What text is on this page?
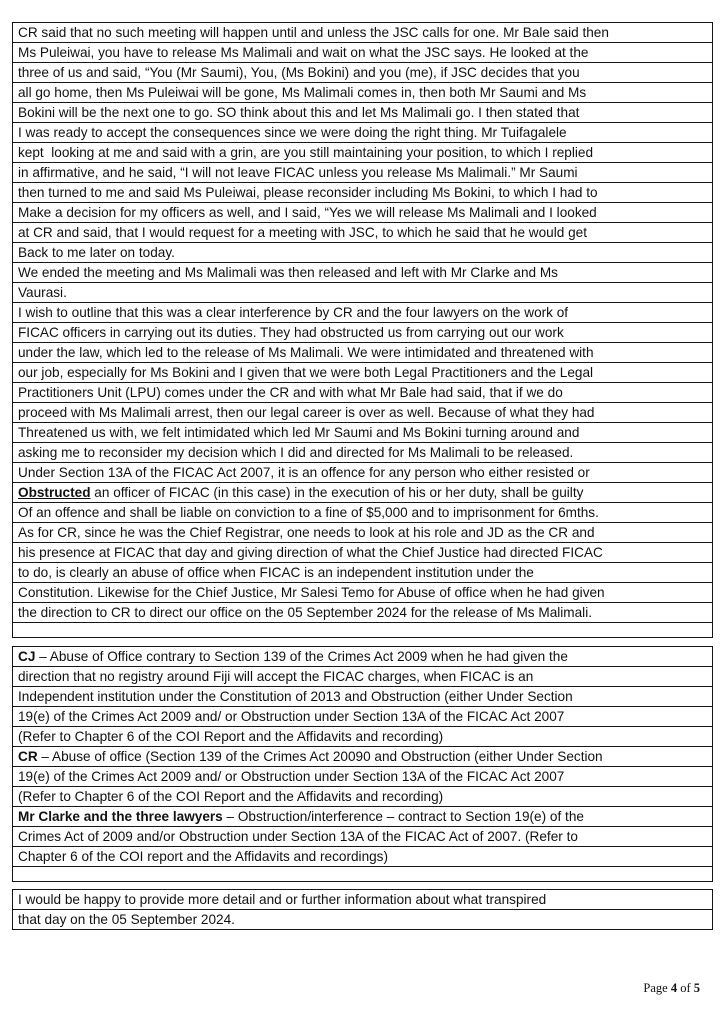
CR said that no such meeting will happen until and unless the JSC calls for one. Mr Bale said then
Ms Puleiwai, you have to release Ms Malimali and wait on what the JSC says. He looked at the
three of us and said, “You (Mr Saumi), You, (Ms Bokini) and you (me), if JSC decides that you
all go home, then Ms Puleiwai will be gone, Ms Malimali comes in, then both Mr Saumi and Ms
Bokini will be the next one to go. SO think about this and let Ms Malimali go. I then stated that
I was ready to accept the consequences since we were doing the right thing. Mr Tuifagalele
kept  looking at me and said with a grin, are you still maintaining your position, to which I replied
in affirmative, and he said, “I will not leave FICAC unless you release Ms Malimali.” Mr Saumi
then turned to me and said Ms Puleiwai, please reconsider including Ms Bokini, to which I had to
Make a decision for my officers as well, and I said, “Yes we will release Ms Malimali and I looked
at CR and said, that I would request for a meeting with JSC, to which he said that he would get
Back to me later on today.
We ended the meeting and Ms Malimali was then released and left with Mr Clarke and Ms
Vaurasi.
I wish to outline that this was a clear interference by CR and the four lawyers on the work of
FICAC officers in carrying out its duties. They had obstructed us from carrying out our work
under the law, which led to the release of Ms Malimali. We were intimidated and threatened with
our job, especially for Ms Bokini and I given that we were both Legal Practitioners and the Legal
Practitioners Unit (LPU) comes under the CR and with what Mr Bale had said, that if we do
proceed with Ms Malimali arrest, then our legal career is over as well. Because of what they had
Threatened us with, we felt intimidated which led Mr Saumi and Ms Bokini turning around and
asking me to reconsider my decision which I did and directed for Ms Malimali to be released.
Under Section 13A of the FICAC Act 2007, it is an offence for any person who either resisted or
Obstructed an officer of FICAC (in this case) in the execution of his or her duty, shall be guilty
Of an offence and shall be liable on conviction to a fine of $5,000 and to imprisonment for 6mths.
As for CR, since he was the Chief Registrar, one needs to look at his role and JD as the CR and
his presence at FICAC that day and giving direction of what the Chief Justice had directed FICAC
to do, is clearly an abuse of office when FICAC is an independent institution under the
Constitution. Likewise for the Chief Justice, Mr Salesi Temo for Abuse of office when he had given
the direction to CR to direct our office on the 05 September 2024 for the release of Ms Malimali.
CJ – Abuse of Office contrary to Section 139 of the Crimes Act 2009 when he had given the
direction that no registry around Fiji will accept the FICAC charges, when FICAC is an
Independent institution under the Constitution of 2013 and Obstruction (either Under Section
19(e) of the Crimes Act 2009 and/ or Obstruction under Section 13A of the FICAC Act 2007
(Refer to Chapter 6 of the COI Report and the Affidavits and recording)
CR – Abuse of office (Section 139 of the Crimes Act 20090 and Obstruction (either Under Section
19(e) of the Crimes Act 2009 and/ or Obstruction under Section 13A of the FICAC Act 2007
(Refer to Chapter 6 of the COI Report and the Affidavits and recording)
Mr Clarke and the three lawyers – Obstruction/interference – contract to Section 19(e) of the
Crimes Act of 2009 and/or Obstruction under Section 13A of the FICAC Act of 2007. (Refer to
Chapter 6 of the COI report and the Affidavits and recordings)
I would be happy to provide more detail and or further information about what transpired
that day on the 05 September 2024.
Page 4 of 5
